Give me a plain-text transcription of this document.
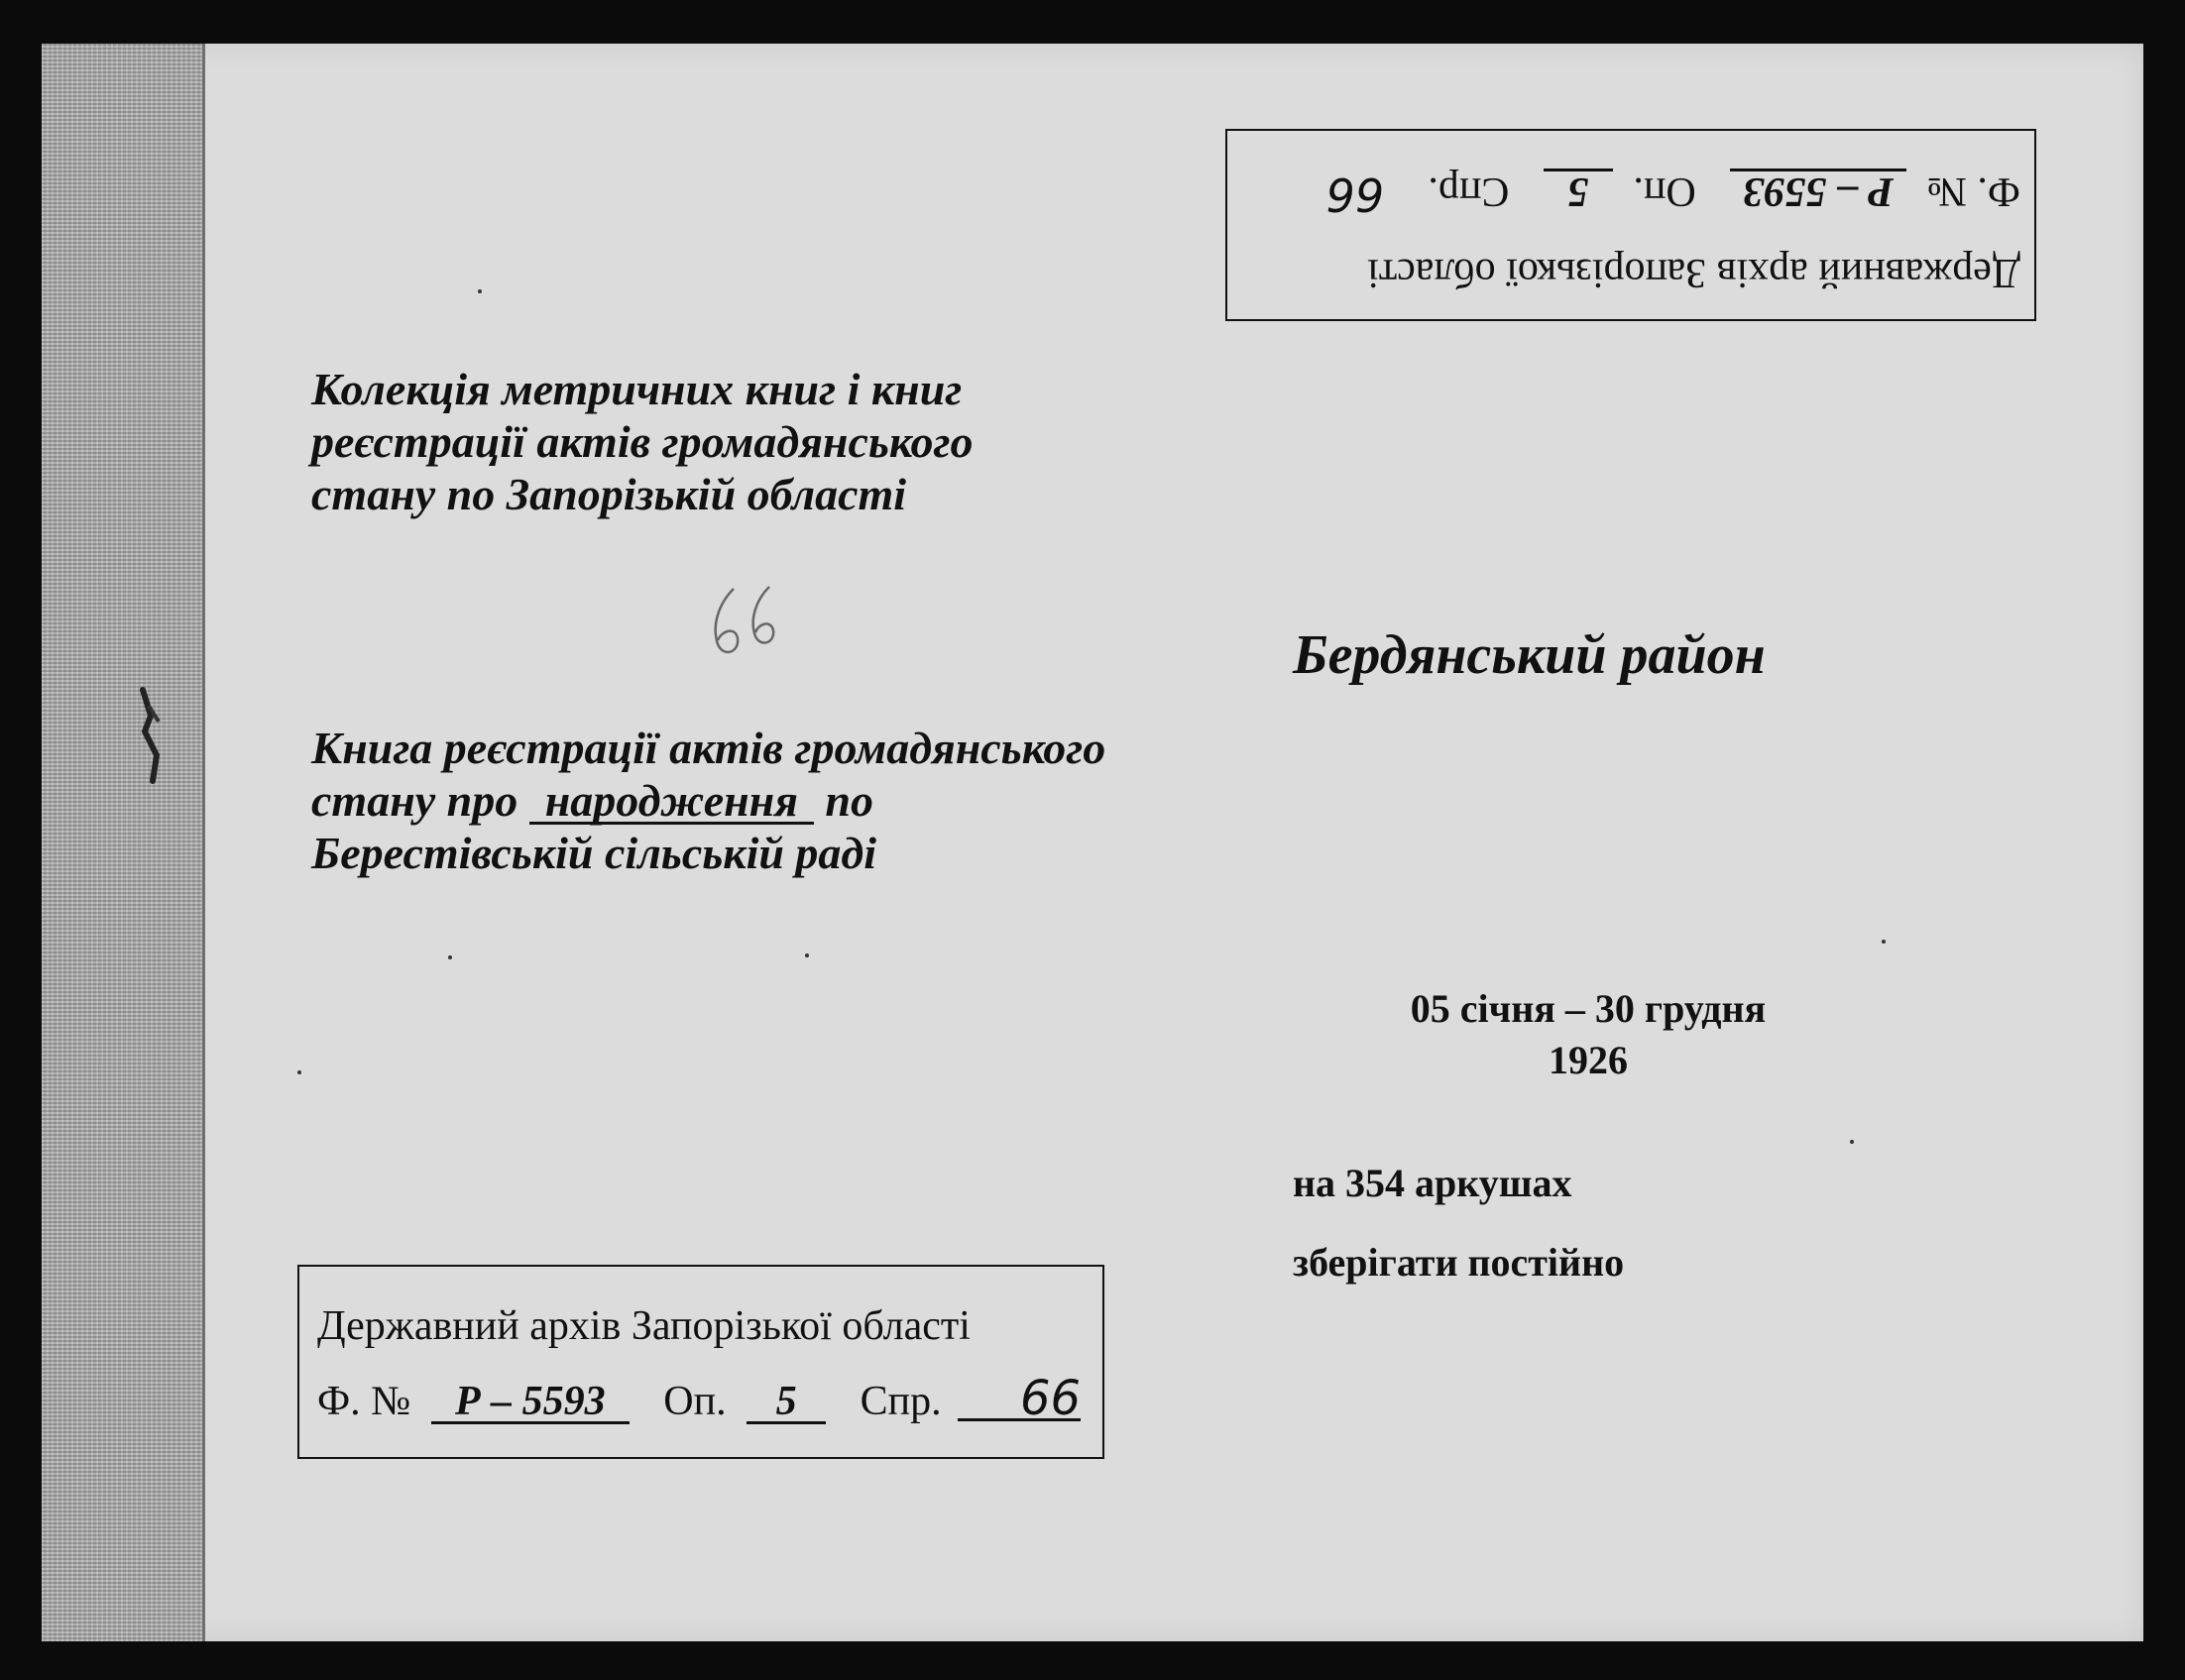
Державний архів Запорізької області
Ф. № Р – 5593 Оп. 5 Спр. 66
Колекція метричних книг і книг
реєстрації актів громадянського
стану по Запорізькій області
Бердянський район
Книга реєстрації актів громадянського
стану про народження по
Берестівській сільській раді
05 січня – 30 грудня
1926
на 354 аркушах
зберігати постійно
Державний архів Запорізької області
Ф. № Р – 5593 Оп. 5 Спр. 66
